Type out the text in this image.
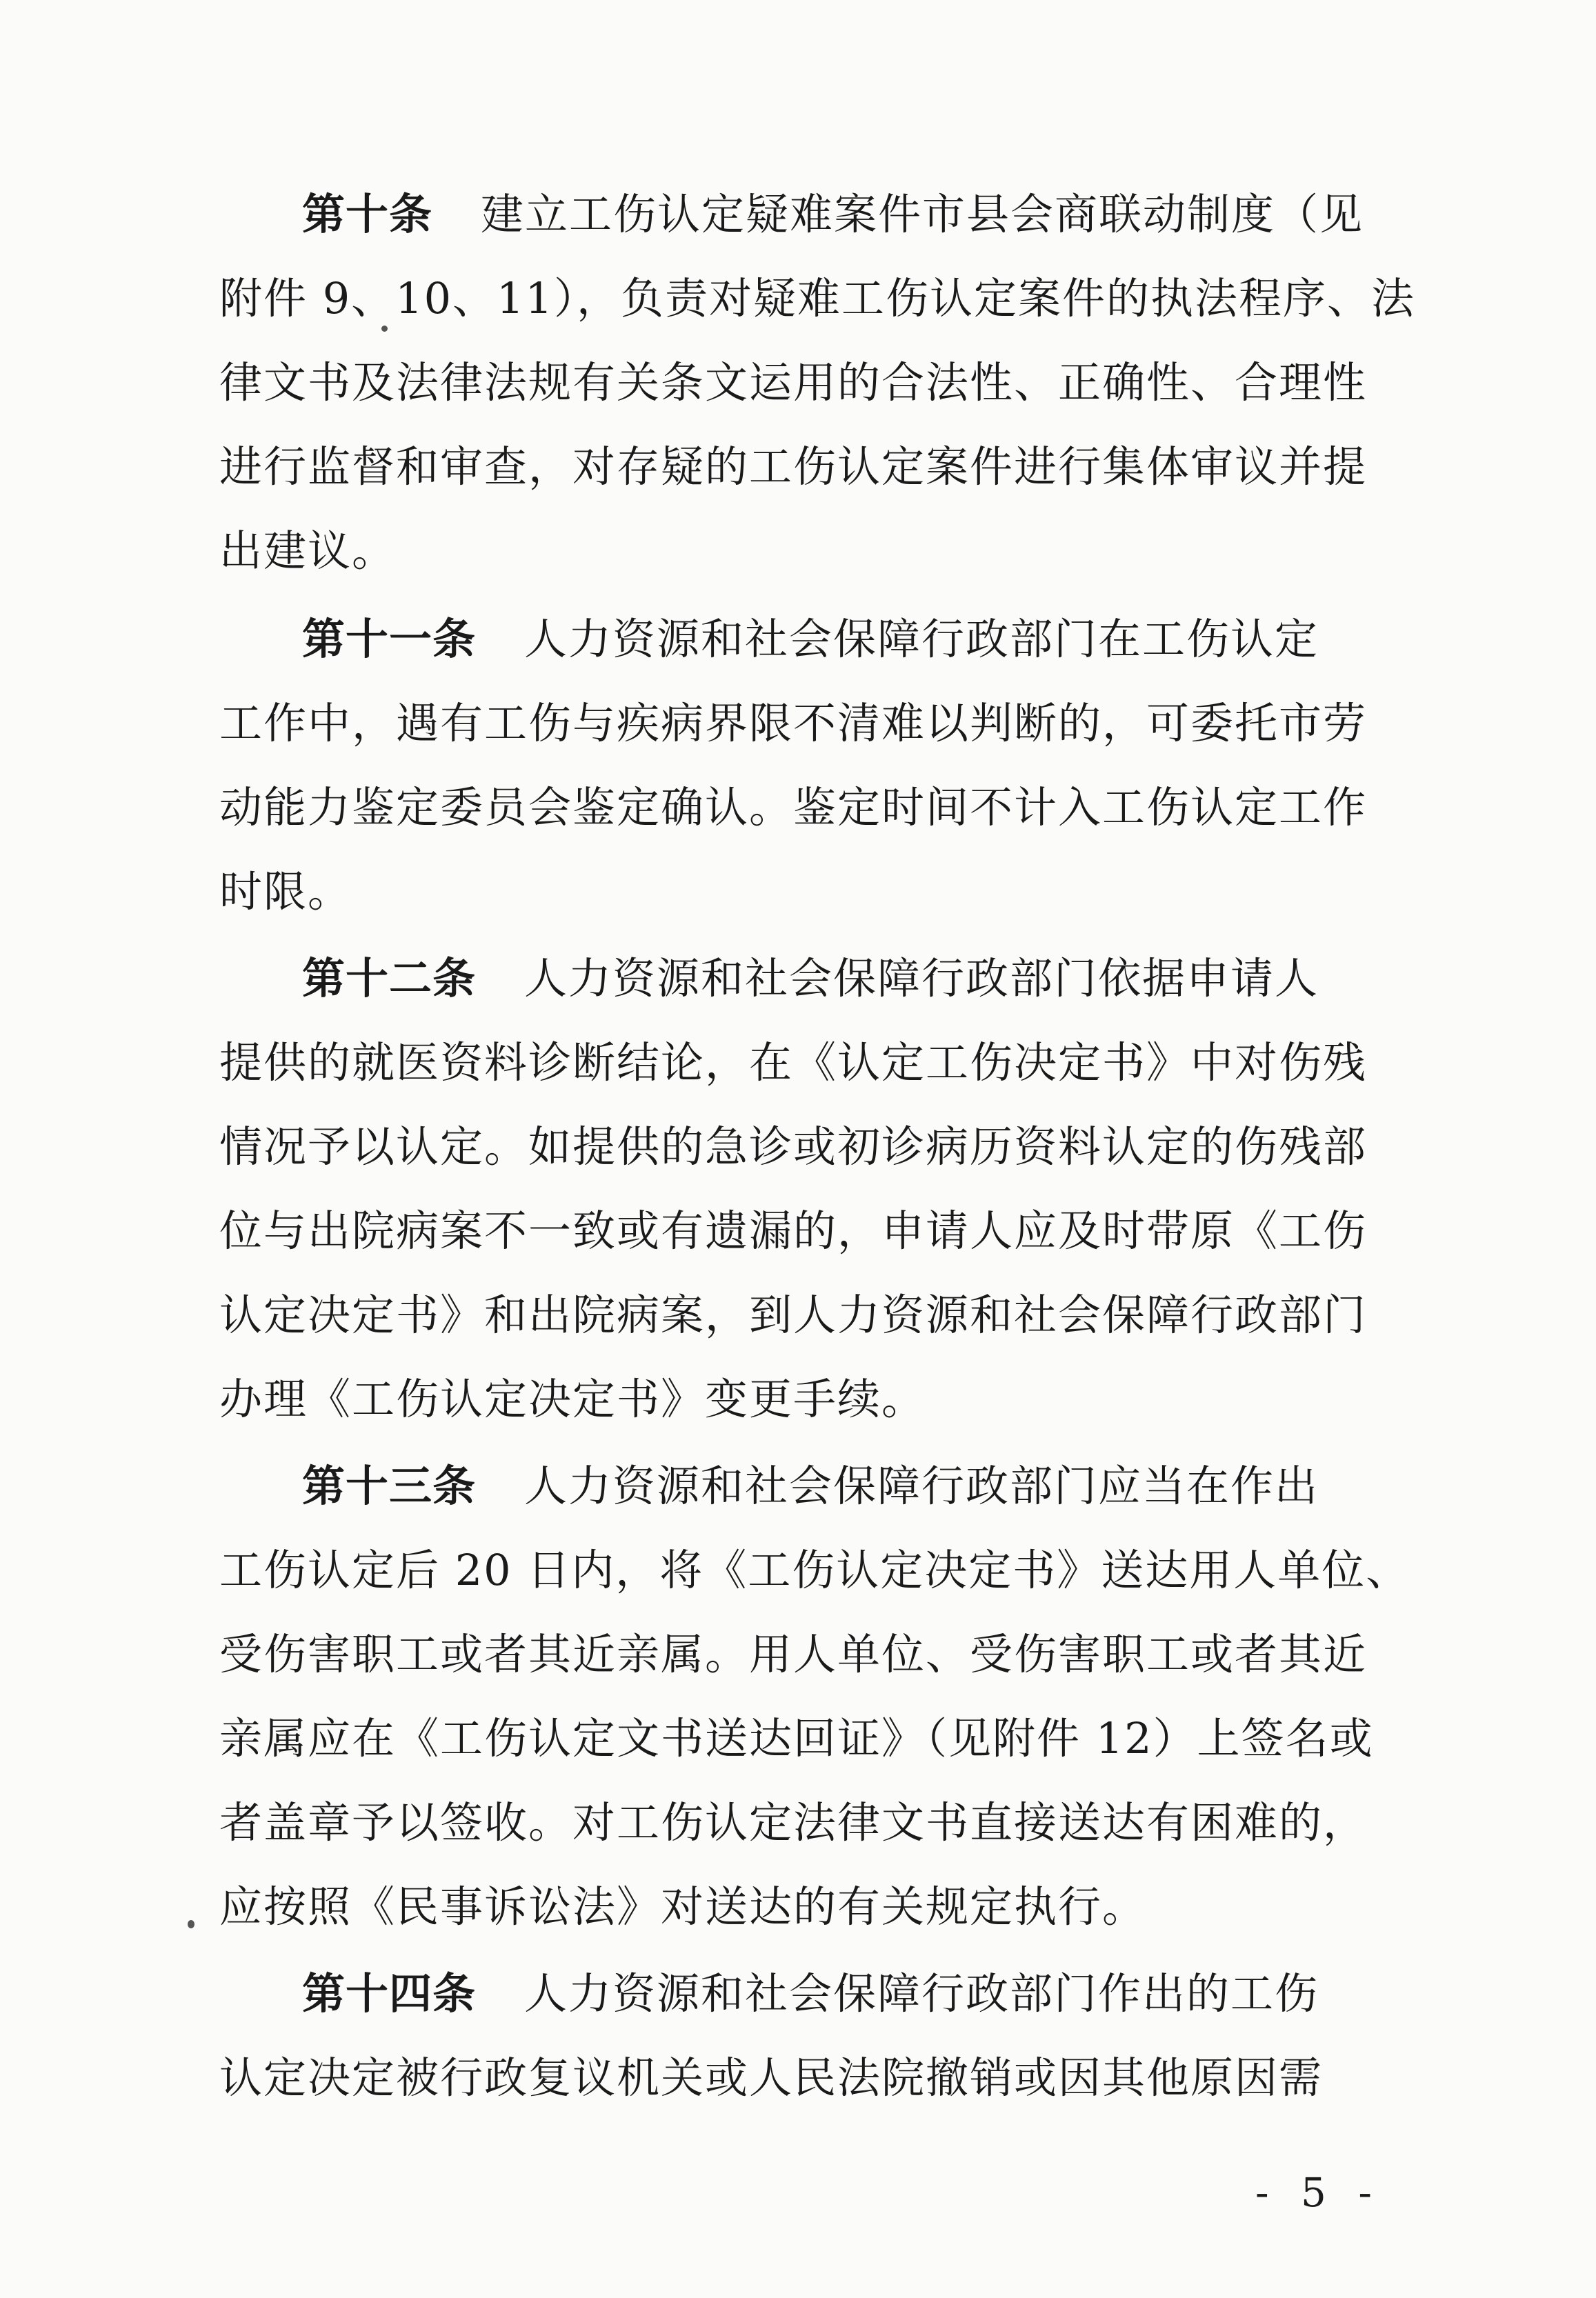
第十条 建立工伤认定疑难案件市县会商联动制度（见
附件 9、10、11），负责对疑难工伤认定案件的执法程序、法
律文书及法律法规有关条文运用的合法性、正确性、合理性
进行监督和审查，对存疑的工伤认定案件进行集体审议并提
出建议。
第十一条 人力资源和社会保障行政部门在工伤认定
工作中，遇有工伤与疾病界限不清难以判断的，可委托市劳
动能力鉴定委员会鉴定确认。鉴定时间不计入工伤认定工作
时限。
第十二条 人力资源和社会保障行政部门依据申请人
提供的就医资料诊断结论，在《认定工伤决定书》中对伤残
情况予以认定。如提供的急诊或初诊病历资料认定的伤残部
位与出院病案不一致或有遗漏的，申请人应及时带原《工伤
认定决定书》和出院病案，到人力资源和社会保障行政部门
办理《工伤认定决定书》变更手续。
第十三条 人力资源和社会保障行政部门应当在作出
工伤认定后 20 日内，将《工伤认定决定书》送达用人单位、
受伤害职工或者其近亲属。用人单位、受伤害职工或者其近
亲属应在《工伤认定文书送达回证》（见附件 12）上签名或
者盖章予以签收。对工伤认定法律文书直接送达有困难的，
应按照《民事诉讼法》对送达的有关规定执行。
第十四条 人力资源和社会保障行政部门作出的工伤
认定决定被行政复议机关或人民法院撤销或因其他原因需
- 5 -
